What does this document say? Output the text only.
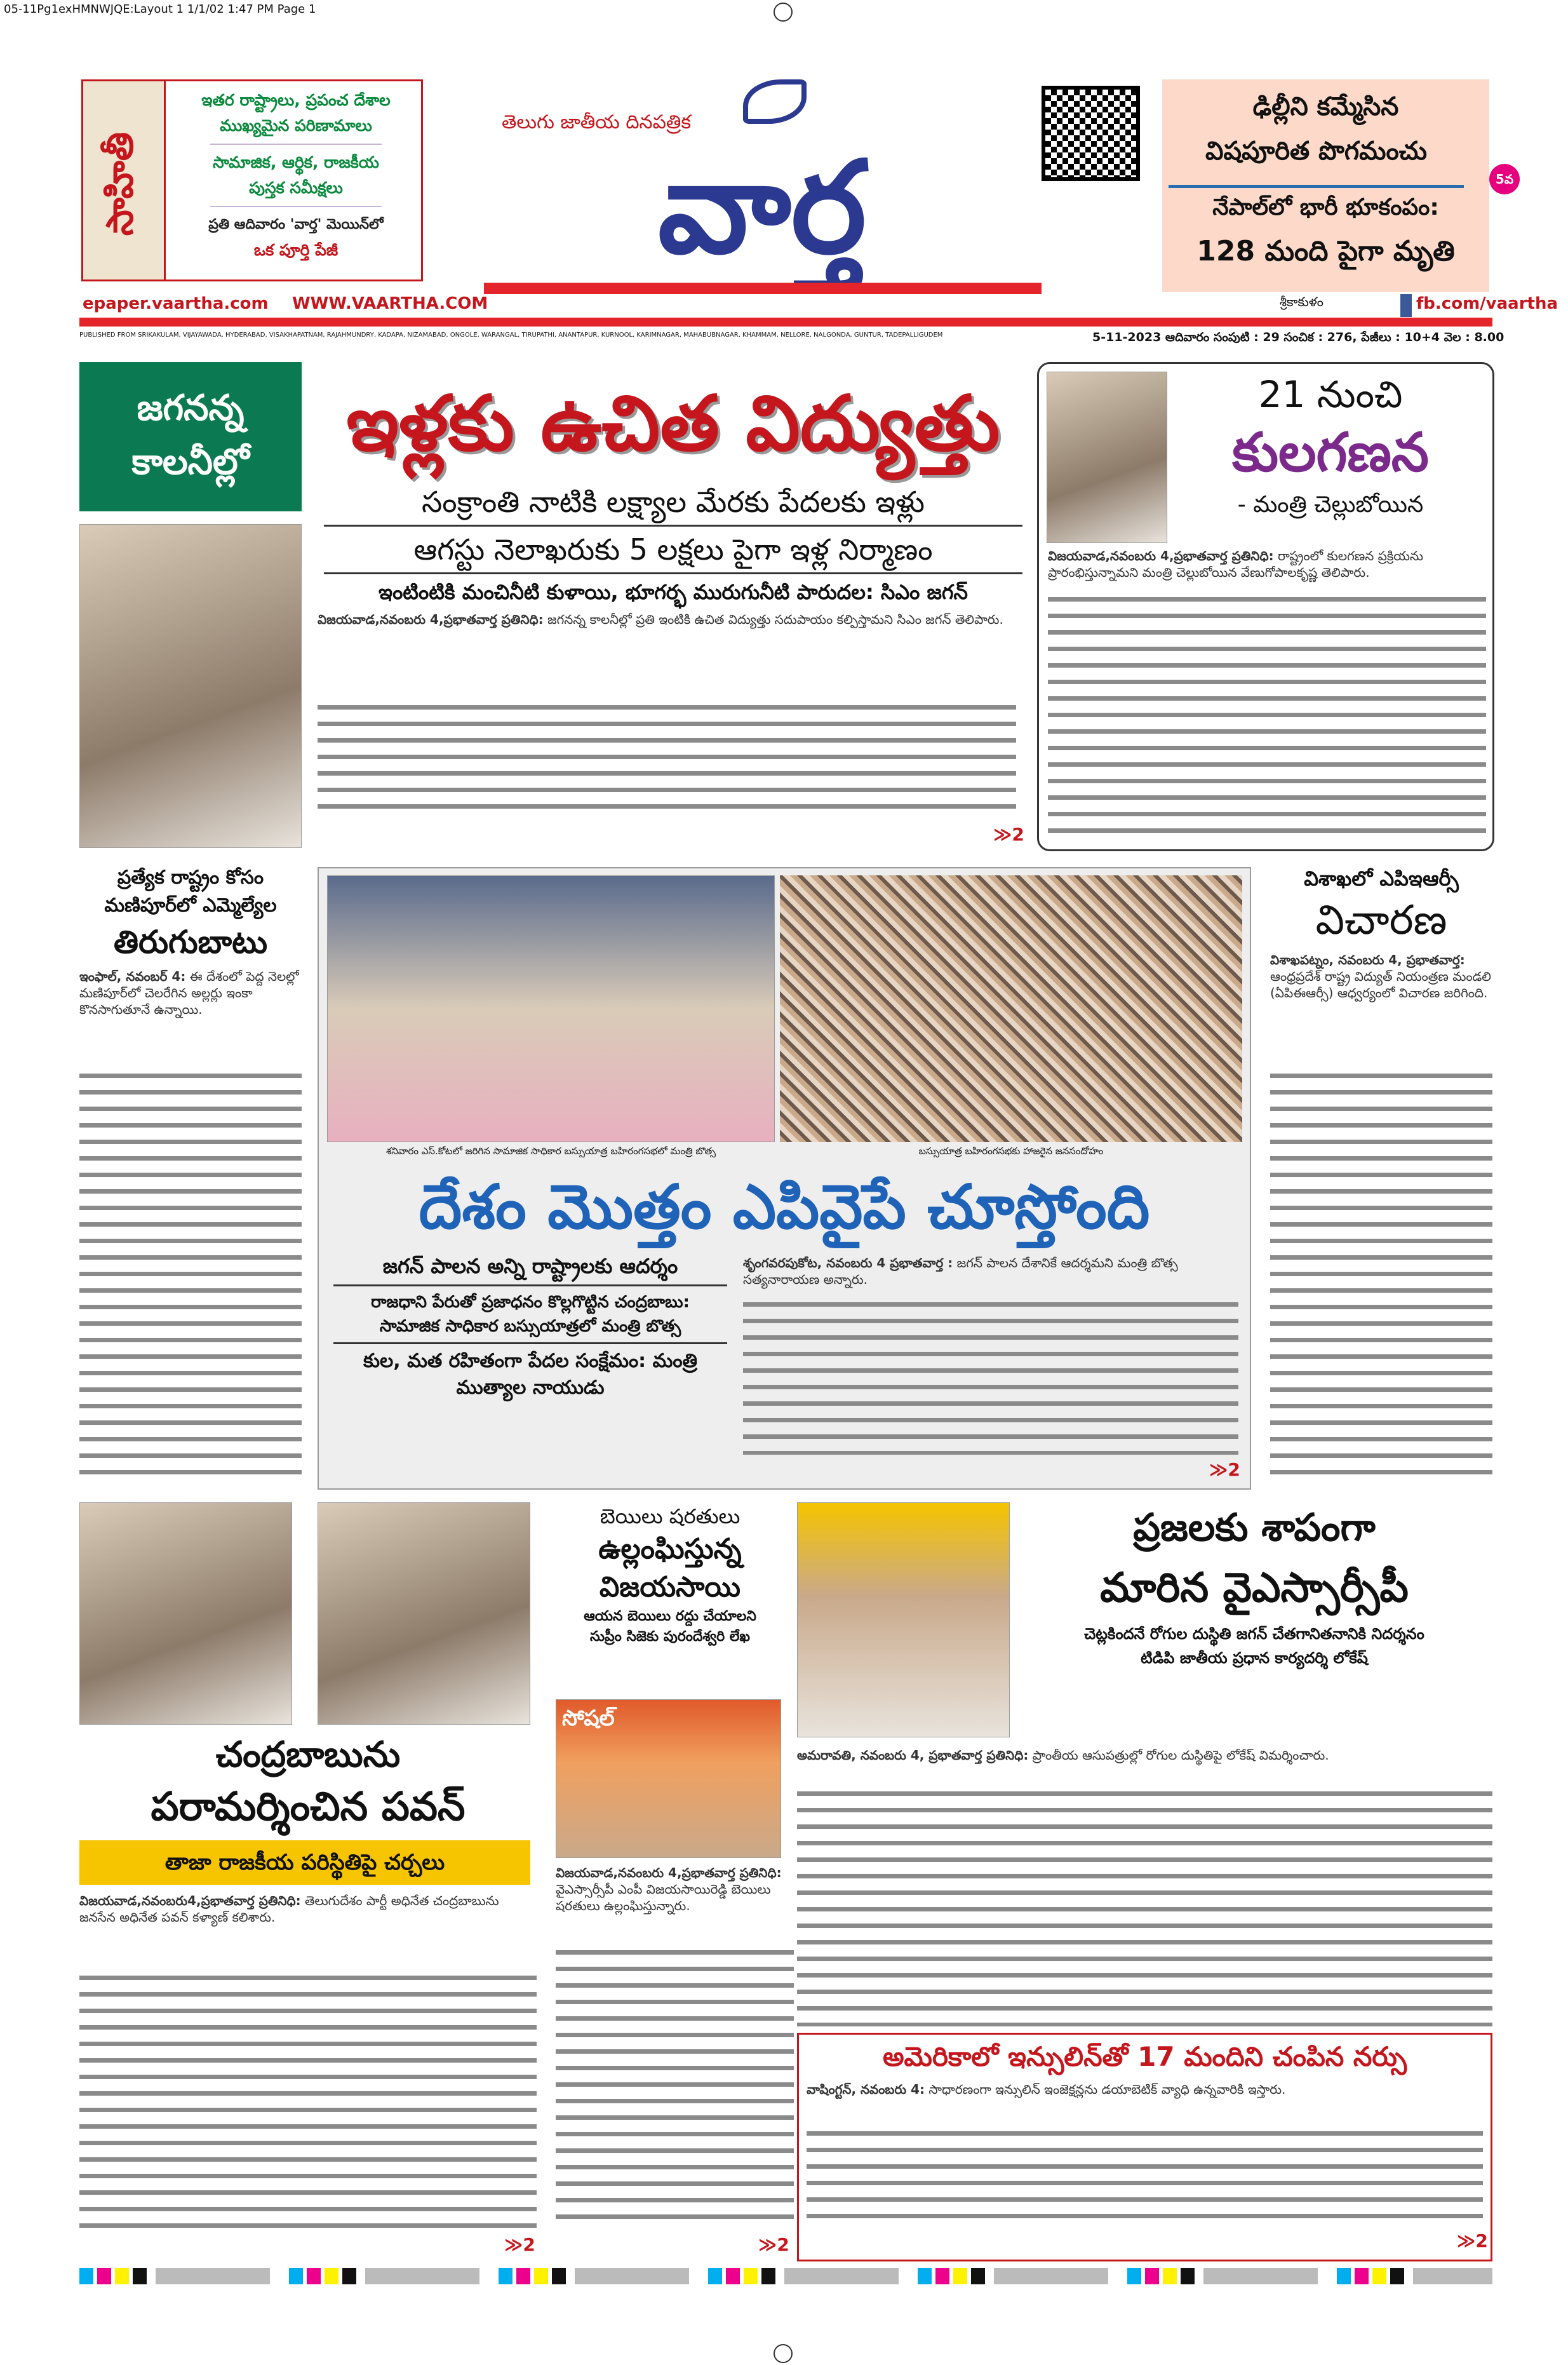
05-11Pg1exHMNWJQE:Layout 1 1/1/02 1:47 PM Page 1
సాహితీ
ఇతర రాష్ట్రాలు, ప్రపంచ దేశాల
ముఖ్యమైన పరిణామాలు
సామాజిక, ఆర్థిక, రాజకీయ
పుస్తక సమీక్షలు
ప్రతి ఆదివారం 'వార్త' మెయిన్‌లో
ఒక పూర్తి పేజీ
epaper.vaartha.com WWW.VAARTHA.COM
తెలుగు జాతీయ దినపత్రిక
వార్త
ఢిల్లీని కమ్మేసిన
విషపూరిత పొగమంచు
నేపాల్‌లో భారీ భూకంపం:
128 మంది పైగా మృతి
5వ
శ్రీకాకుళం	fb.com/vaartha
PUBLISHED FROM SRIKAKULAM, VIJAYAWADA, HYDERABAD, VISAKHAPATNAM, RAJAHMUNDRY, KADAPA, NIZAMABAD, ONGOLE, WARANGAL, TIRUPATHI, ANANTAPUR, KURNOOL, KARIMNAGAR, MAHABUBNAGAR, KHAMMAM, NELLORE, NALGONDA, GUNTUR, TADEPALLIGUDEM	5-11-2023 ఆదివారం సంపుటి : 29 సంచిక : 276, పేజీలు : 10+4 వెల : 8.00
జగనన్న కాలనీల్లో	ఇళ్లకు ఉచిత విద్యుత్తు
సంక్రాంతి నాటికి లక్ష్యాల మేరకు పేదలకు ఇళ్లు
ఆగస్టు నెలాఖరుకు 5 లక్షలు పైగా ఇళ్ల నిర్మాణం
ఇంటింటికి మంచినీటి కుళాయి, భూగర్భ మురుగునీటి పారుదల: సిఎం జగన్
విజయవాడ,నవంబరు 4,ప్రభాతవార్త ప్రతినిధి: జగనన్న కాలనీల్లో ప్రతి ఇంటికి ఉచిత విద్యుత్తు సదుపాయం కల్పిస్తామని సిఎం జగన్ తెలిపారు.
≫2
21 నుంచి
కులగణన
- మంత్రి చెల్లుబోయిన
విజయవాడ,నవంబరు 4,ప్రభాతవార్త ప్రతినిధి: రాష్ట్రంలో కులగణన ప్రక్రియను ప్రారంభిస్తున్నామని మంత్రి చెల్లుబోయిన వేణుగోపాలకృష్ణ తెలిపారు.
ప్రత్యేక రాష్ట్రం కోసం
మణిపూర్‌లో ఎమ్మెల్యేల
తిరుగుబాటు
ఇంఫాల్, నవంబర్ 4: ఈ దేశంలో పెద్ద నెలల్లో మణిపూర్‌లో చెలరేగిన అల్లర్లు ఇంకా కొనసాగుతూనే ఉన్నాయి.
శనివారం ఎస్.కోటలో జరిగిన సామాజిక సాధికార బస్సుయాత్ర బహిరంగసభలో మంత్రి బొత్స	బస్సుయాత్ర బహిరంగసభకు హాజరైన జనసందోహం
దేశం మొత్తం ఎపివైపే చూస్తోంది
జగన్ పాలన అన్ని రాష్ట్రాలకు ఆదర్శం
రాజధాని పేరుతో ప్రజాధనం కొల్లగొట్టిన చంద్రబాబు:
సామాజిక సాధికార బస్సుయాత్రలో మంత్రి బొత్స
కుల, మత రహితంగా పేదల సంక్షేమం: మంత్రి ముత్యాల నాయుడు
శృంగవరపుకోట, నవంబరు 4 ప్రభాతవార్త : జగన్ పాలన దేశానికే ఆదర్శమని మంత్రి బొత్స సత్యనారాయణ అన్నారు.
≫2
విశాఖలో ఎపిఇఆర్సీ
విచారణ
విశాఖపట్నం, నవంబరు 4, ప్రభాతవార్త: ఆంధ్రప్రదేశ్ రాష్ట్ర విద్యుత్ నియంత్రణ మండలి (ఏపిఈఆర్సీ) ఆధ్వర్యంలో విచారణ జరిగింది.
చంద్రబాబును
పరామర్శించిన పవన్
తాజా రాజకీయ పరిస్థితిపై చర్చలు
విజయవాడ,నవంబరు4,ప్రభాతవార్త ప్రతినిధి: తెలుగుదేశం పార్టీ అధినేత చంద్రబాబును జనసేన అధినేత పవన్ కళ్యాణ్ కలిశారు.
≫2
బెయిలు షరతులు
ఉల్లంఘిస్తున్న
విజయసాయి
ఆయన బెయిలు రద్దు చేయాలని
సుప్రీం సిజెకు పురందేశ్వరి లేఖ
సోషల్
విజయవాడ,నవంబరు 4,ప్రభాతవార్త ప్రతినిధి: వైఎస్సార్సీపీ ఎంపీ విజయసాయిరెడ్డి బెయిలు షరతులు ఉల్లంఘిస్తున్నారు.
≫2
ప్రజలకు శాపంగా
మారిన వైఎస్సార్సీపీ
చెట్లకిందనే రోగుల దుస్థితి జగన్ చేతగానితనానికి నిదర్శనం
టిడిపి జాతీయ ప్రధాన కార్యదర్శి లోకేష్
అమరావతి, నవంబరు 4, ప్రభాతవార్త ప్రతినిధి: ప్రాంతీయ ఆసుపత్రుల్లో రోగుల దుస్థితిపై లోకేష్ విమర్శించారు.
అమెరికాలో ఇన్సులిన్‌తో 17 మందిని చంపిన నర్సు
వాషింగ్టన్, నవంబరు 4: సాధారణంగా ఇన్సులిన్ ఇంజెక్షన్లను డయాబెటిక్ వ్యాధి ఉన్నవారికి ఇస్తారు.
≫2
